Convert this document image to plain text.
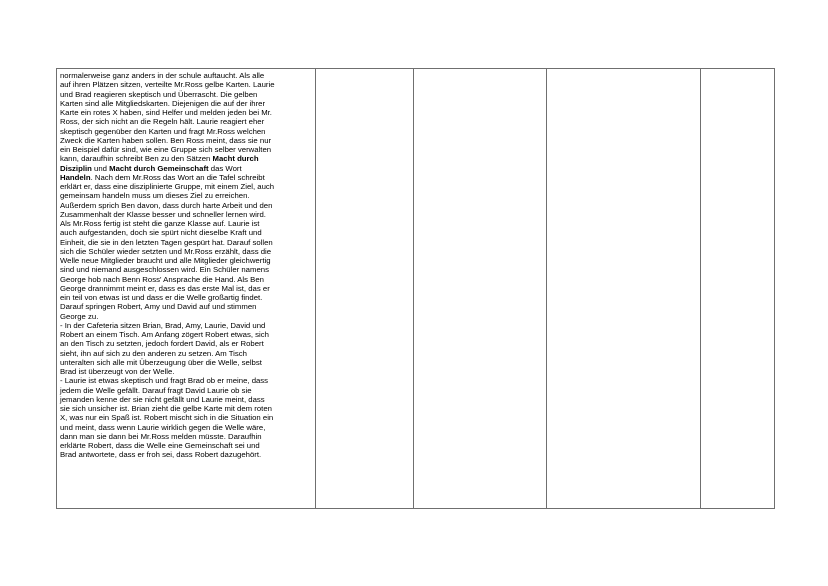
normalerweise ganz anders in der schule auftaucht. Als alle
auf ihren Plätzen sitzen, verteilte Mr.Ross gelbe Karten. Laurie
und Brad reagieren skeptisch und Überrascht. Die gelben
Karten sind alle Mitgliedskarten. Diejenigen die auf der ihrer
Karte ein rotes X haben, sind Helfer und melden jeden bei Mr.
Ross, der sich nicht an die Regeln hält. Laurie reagiert eher
skeptisch gegenüber den Karten und fragt Mr.Ross welchen
Zweck die Karten haben sollen. Ben Ross meint, dass sie nur
ein Beispiel dafür sind, wie eine Gruppe sich selber verwalten
kann, daraufhin schreibt Ben zu den Sätzen Macht durch
Disziplin und Macht durch Gemeinschaft das Wort
Handeln. Nach dem Mr.Ross das Wort an die Tafel schreibt
erklärt er, dass eine disziplinierte Gruppe, mit einem Ziel, auch
gemeinsam handeln muss um dieses Ziel zu erreichen.
Außerdem sprich Ben davon, dass durch harte Arbeit und den
Zusammenhalt der Klasse besser und schneller lernen wird.
Als Mr.Ross fertig ist steht die ganze Klasse auf. Laurie ist
auch aufgestanden, doch sie spürt nicht dieselbe Kraft und
Einheit, die sie in den letzten Tagen gespürt hat. Darauf sollen
sich die Schüler wieder setzten und Mr.Ross erzählt, dass die
Welle neue Mitglieder braucht und alle Mitglieder gleichwertig
sind und niemand ausgeschlossen wird. Ein Schüler namens
George hob nach Benn Ross' Ansprache die Hand. Als Ben
George drannimmt meint er, dass es das erste Mal ist, das er
ein teil von etwas ist und dass er die Welle großartig findet.
Darauf springen Robert, Amy und David auf und stimmen
George zu.
- In der Cafeteria sitzen Brian, Brad, Amy, Laurie, David und
Robert an einem Tisch. Am Anfang zögert Robert etwas, sich
an den Tisch zu setzten, jedoch fordert David, als er Robert
sieht, ihn auf sich zu den anderen zu setzen. Am Tisch
unteralten sich alle mit Überzeugung über die Welle, selbst
Brad ist überzeugt von der Welle.
- Laurie ist etwas skeptisch und fragt Brad ob er meine, dass
jedem die Welle gefällt. Darauf fragt David Laurie ob sie
jemanden kenne der sie nicht gefällt und Laurie meint, dass
sie sich unsicher ist. Brian zieht die gelbe Karte mit dem roten
X, was nur ein Spaß ist. Robert mischt sich in die Situation ein
und meint, dass wenn Laurie wirklich gegen die Welle wäre,
dann man sie dann bei Mr.Ross melden müsste. Daraufhin
erklärte Robert, dass die Welle eine Gemeinschaft sei und
Brad antwortete, dass er froh sei, dass Robert dazugehört.
